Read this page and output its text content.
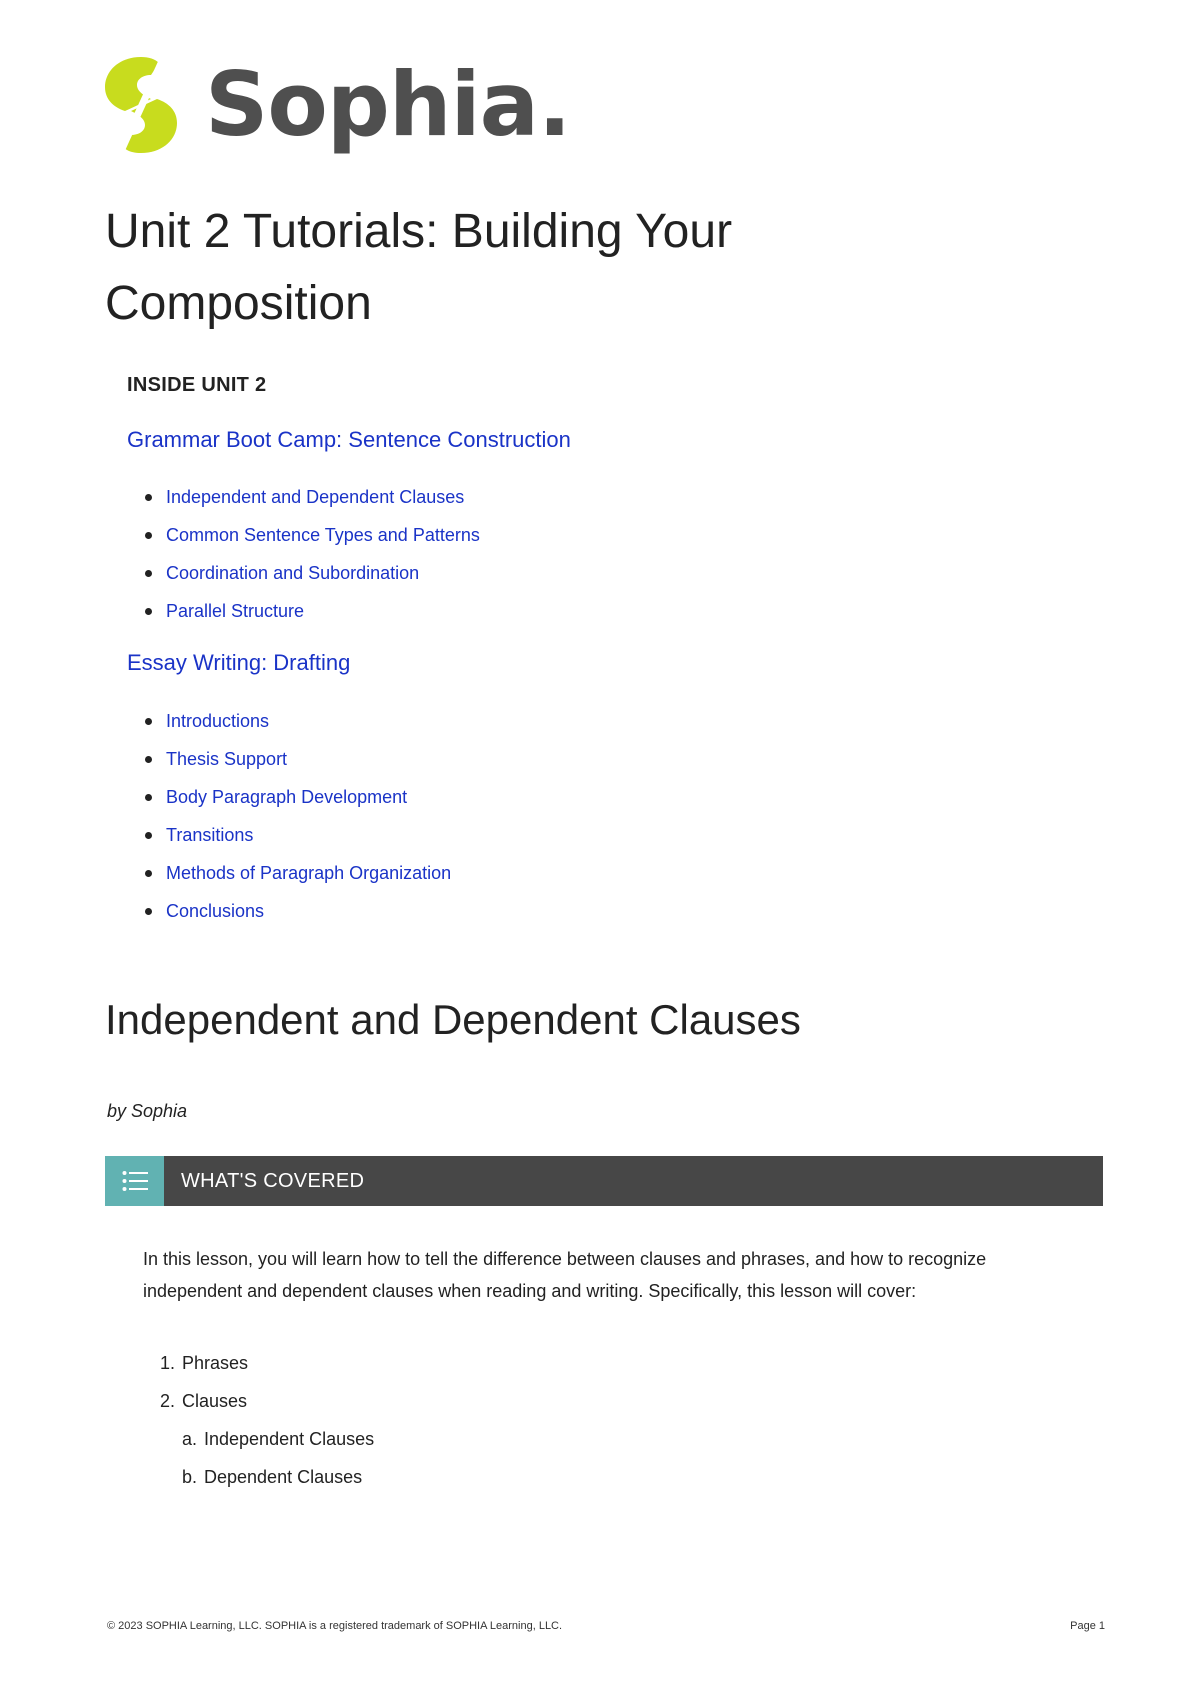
Sophia.
Unit 2 Tutorials: Building Your Composition
INSIDE UNIT 2
Grammar Boot Camp: Sentence Construction
Independent and Dependent Clauses
Common Sentence Types and Patterns
Coordination and Subordination
Parallel Structure
Essay Writing: Drafting
Introductions
Thesis Support
Body Paragraph Development
Transitions
Methods of Paragraph Organization
Conclusions
Independent and Dependent Clauses

by Sophia

WHAT'S COVERED

In this lesson, you will learn how to tell the difference between clauses and phrases, and how to recognize independent and dependent clauses when reading and writing. Specifically, this lesson will cover:

1. Phrases
2. Clauses
a. Independent Clauses
b. Dependent Clauses
© 2023 SOPHIA Learning, LLC. SOPHIA is a registered trademark of SOPHIA Learning, LLC.	Page 1
